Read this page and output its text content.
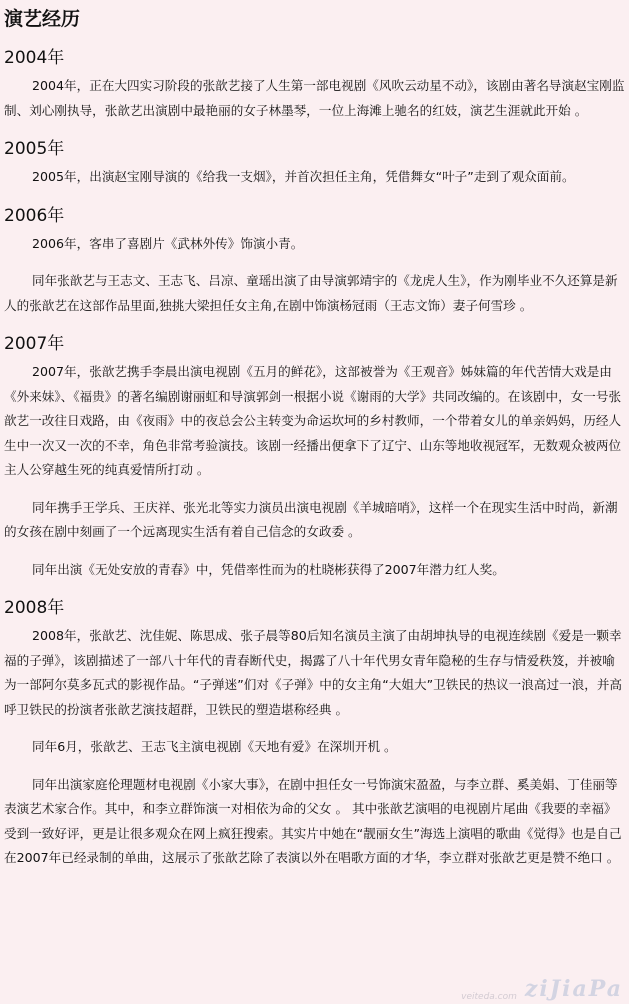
演艺经历
2004年

2004年，正在大四实习阶段的张歆艺接了人生第一部电视剧《风吹云动星不动》，该剧由著名导演赵宝刚监制、刘心刚执导，张歆艺出演剧中最艳丽的女子林墨琴，一位上海滩上驰名的红妓，演艺生涯就此开始 。

2005年

2005年，出演赵宝刚导演的《给我一支烟》，并首次担任主角，凭借舞女“叶子”走到了观众面前。

2006年

2006年，客串了喜剧片《武林外传》饰演小青。

同年张歆艺与王志文、王志飞、吕凉、童瑶出演了由导演郭靖宇的《龙虎人生》，作为刚毕业不久还算是新人的张歆艺在这部作品里面,独挑大梁担任女主角,在剧中饰演杨冠雨（王志文饰）妻子何雪珍 。

2007年

2007年，张歆艺携手李晨出演电视剧《五月的鲜花》，这部被誉为《王观音》姊妹篇的年代苦情大戏是由《外来妹》、《福贵》的著名编剧谢丽虹和导演郭剑一根据小说《谢雨的大学》共同改编的。在该剧中，女一号张歆艺一改往日戏路，由《夜雨》中的夜总会公主转变为命运坎坷的乡村教师，一个带着女儿的单亲妈妈，历经人生中一次又一次的不幸，角色非常考验演技。该剧一经播出便拿下了辽宁、山东等地收视冠军，无数观众被两位主人公穿越生死的纯真爱情所打动 。

同年携手王学兵、王庆祥、张光北等实力演员出演电视剧《羊城暗哨》，这样一个在现实生活中时尚，新潮的女孩在剧中刻画了一个远离现实生活有着自己信念的女政委 。

同年出演《无处安放的青春》中，凭借率性而为的杜晓彬获得了2007年潜力红人奖。

2008年

2008年，张歆艺、沈佳妮、陈思成、张子晨等80后知名演员主演了由胡坤执导的电视连续剧《爱是一颗幸福的子弹》，该剧描述了一部八十年代的青春断代史，揭露了八十年代男女青年隐秘的生存与情爱秩笈，并被喻为一部阿尔莫多瓦式的影视作品。“子弹迷”们对《子弹》中的女主角“大姐大”卫铁民的热议一浪高过一浪，并高呼卫铁民的扮演者张歆艺演技超群，卫铁民的塑造堪称经典 。

同年6月，张歆艺、王志飞主演电视剧《天地有爱》在深圳开机 。

同年出演家庭伦理题材电视剧《小家大事》，在剧中担任女一号饰演宋盈盈，与李立群、奚美娟、丁佳丽等表演艺术家合作。其中，和李立群饰演一对相依为命的父女 。 其中张歆艺演唱的电视剧片尾曲《我要的幸福》受到一致好评，更是让很多观众在网上疯狂搜索。其实片中她在“靓丽女生”海选上演唱的歌曲《觉得》也是自己在2007年已经录制的单曲，这展示了张歆艺除了表演以外在唱歌方面的才华，李立群对张歆艺更是赞不绝口 。

veiteda.com ziJiaPa
